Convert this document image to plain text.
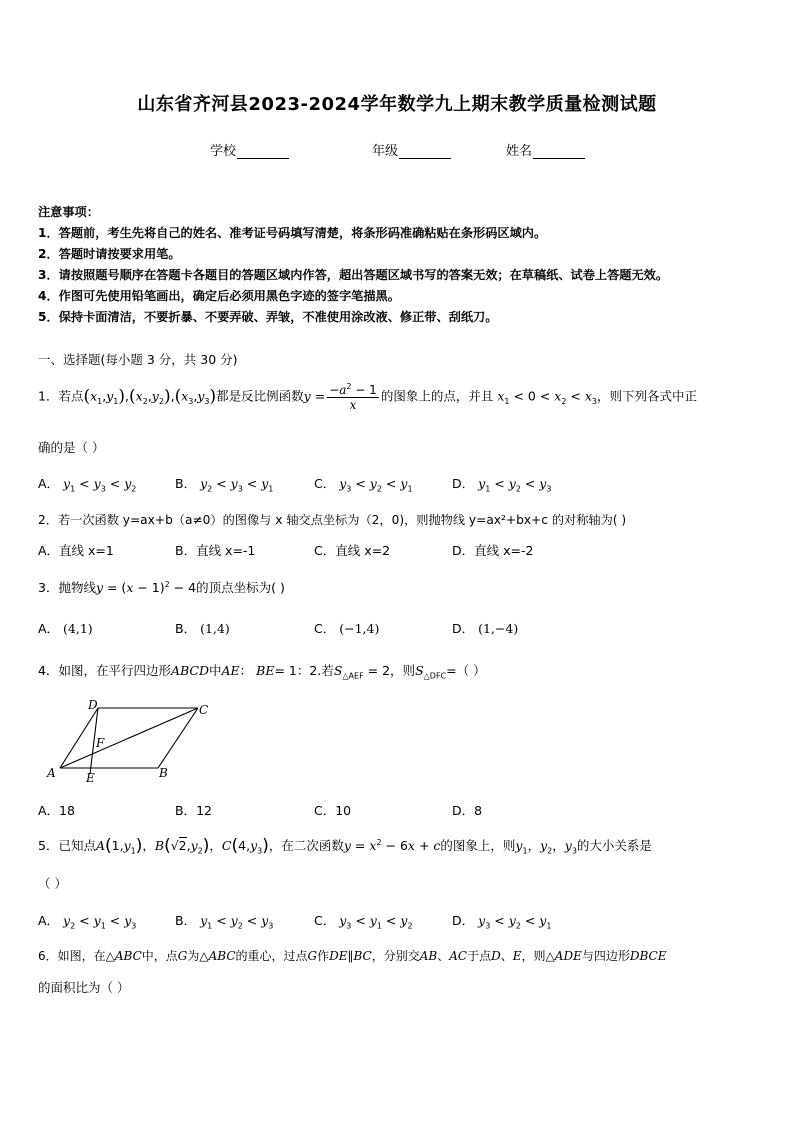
山东省齐河县2023-2024学年数学九上期末教学质量检测试题
学校	年级	姓名
注意事项：
1．答题前，考生先将自己的姓名、准考证号码填写清楚，将条形码准确粘贴在条形码区域内。
2．答题时请按要求用笔。
3．请按照题号顺序在答题卡各题目的答题区域内作答，超出答题区域书写的答案无效；在草稿纸、试卷上答题无效。
4．作图可先使用铅笔画出，确定后必须用黑色字迹的签字笔描黑。
5．保持卡面清洁，不要折暴、不要弄破、弄皱，不准使用涂改液、修正带、刮纸刀。
一、选择题(每小题 3 分，共 30 分)
1．若点$(x_1,y_1),(x_2,y_2),(x_3,y_3)$都是反比例函数$y = \frac{-a^2 - 1}{x}$ 的图象上的点，并且 $x_1 < 0 < x_2 < x_3$，则下列各式中正
确的是（ ）
A． $y_1 < y_3 < y_2$	B． $y_2 < y_3 < y_1$	C． $y_3 < y_2 < y_1$	D． $y_1 < y_2 < y_3$
2．若一次函数 y=ax+b（a≠0）的图像与 x 轴交点坐标为（2，0)，则抛物线 y=ax²+bx+c 的对称轴为( )
A．直线 x=1	B．直线 x=-1	C．直线 x=2	D．直线 x=-2
3．抛物线$y = (x - 1)^2 - 4$的顶点坐标为( )
A． (4,1)	B． (1,4)	C． (−1,4)	D． (1,−4)
4．如图，在平行四边形ABCD中AE： BE= 1：2.若$S_{\triangle AEF} = 2$，则$S_{\triangle DFC}=$（ ）
D	C
F
A	E	B
A．18	B．12	C．10	D．8
5．已知点$A(1,y_1)$，$B(√2,y_2)$，$C(4,y_3)$，在二次函数$y = x^2 - 6x + c$的图象上，则$y_1$，$y_2$，$y_3$的大小关系是
（ ）
A． $y_2 < y_1 < y_3$	B． $y_1 < y_2 < y_3$	C． $y_3 < y_1 < y_2$	D． $y_3 < y_2 < y_1$
6．如图，在△ABC中，点G为△ABC的重心，过点G作DE∥BC，分别交AB、AC于点D、E，则△ADE与四边形DBCE
的面积比为（ ）
